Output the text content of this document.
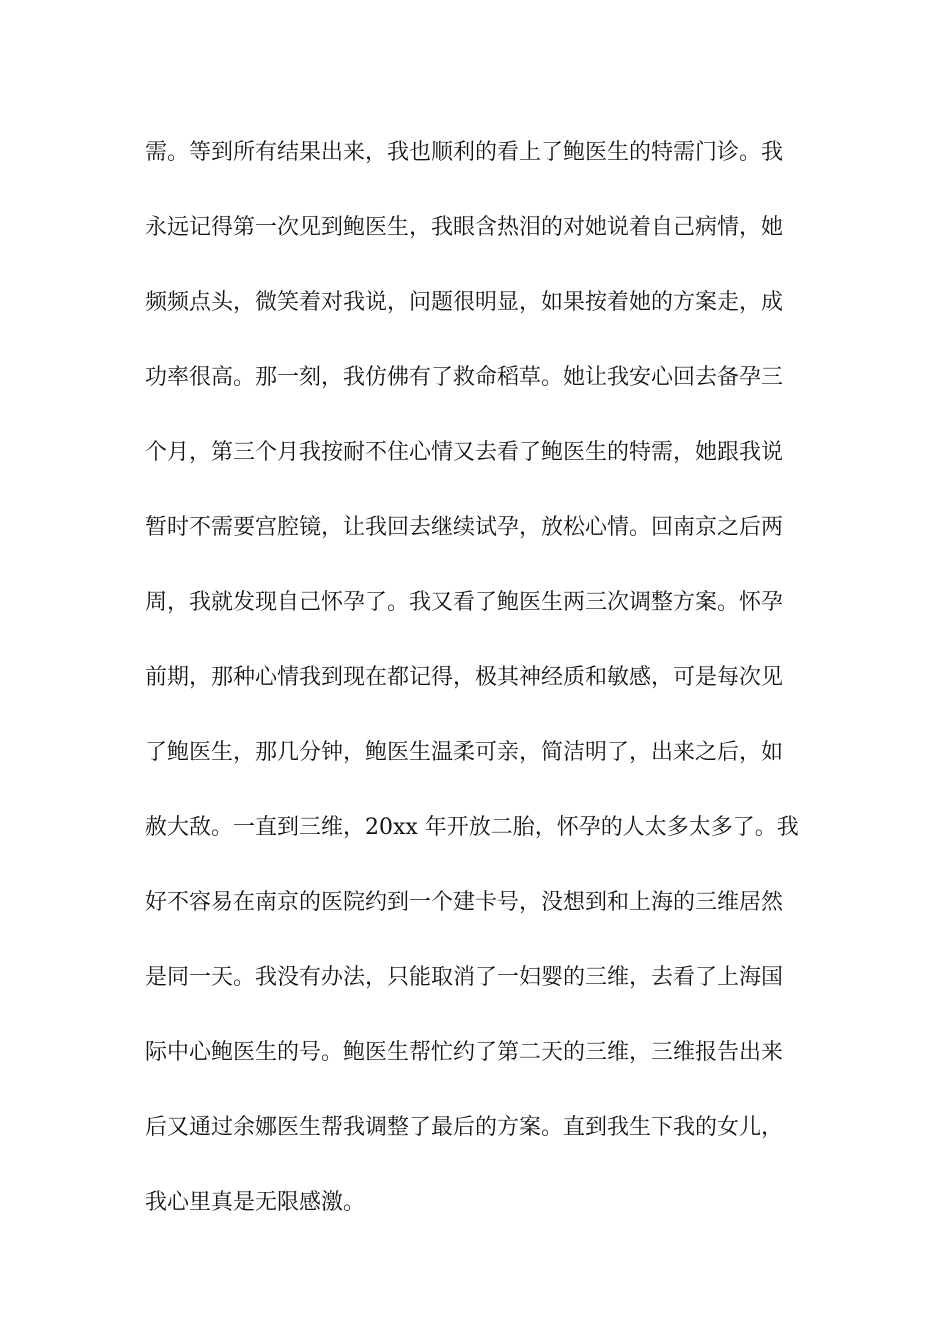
需。等到所有结果出来，我也顺利的看上了鲍医生的特需门诊。我
永远记得第一次见到鲍医生，我眼含热泪的对她说着自己病情，她
频频点头，微笑着对我说，问题很明显，如果按着她的方案走，成
功率很高。那一刻，我仿佛有了救命稻草。她让我安心回去备孕三
个月，第三个月我按耐不住心情又去看了鲍医生的特需，她跟我说
暂时不需要宫腔镜，让我回去继续试孕，放松心情。回南京之后两
周，我就发现自己怀孕了。我又看了鲍医生两三次调整方案。怀孕
前期，那种心情我到现在都记得，极其神经质和敏感，可是每次见
了鲍医生，那几分钟，鲍医生温柔可亲，简洁明了，出来之后，如
赦大敌。一直到三维，20xx 年开放二胎，怀孕的人太多太多了。我
好不容易在南京的医院约到一个建卡号，没想到和上海的三维居然
是同一天。我没有办法，只能取消了一妇婴的三维，去看了上海国
际中心鲍医生的号。鲍医生帮忙约了第二天的三维，三维报告出来
后又通过余娜医生帮我调整了最后的方案。直到我生下我的女儿，
我心里真是无限感激。
